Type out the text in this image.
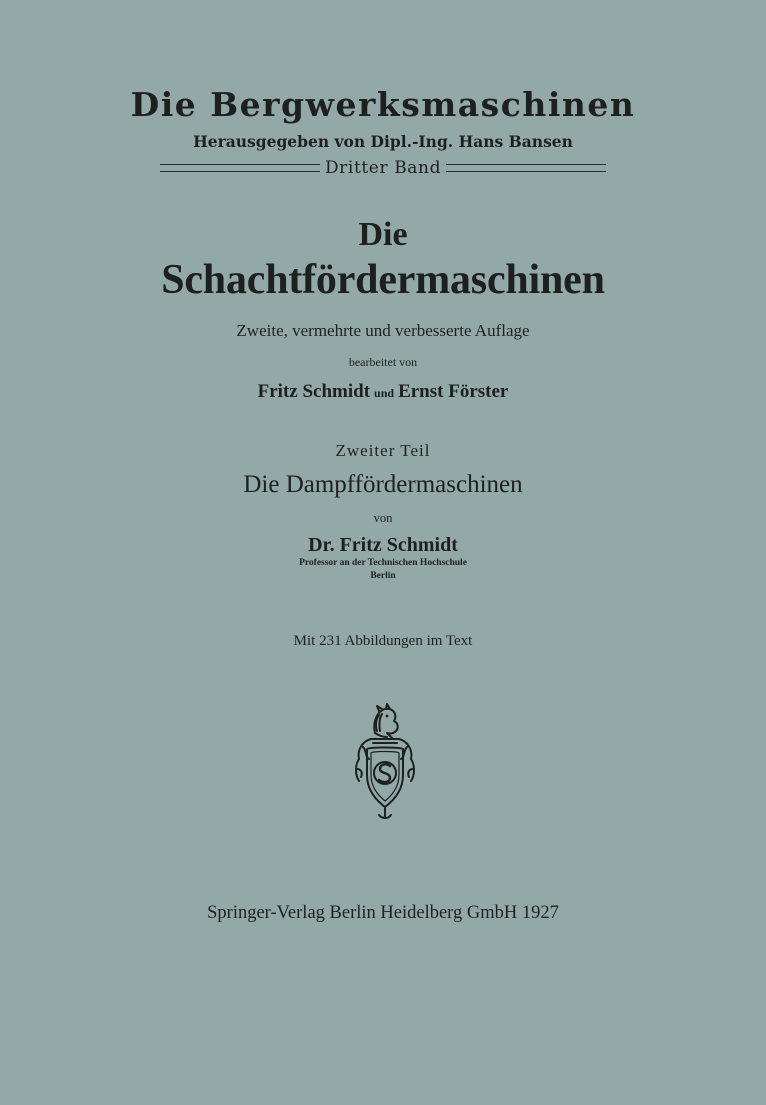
Die Bergwerksmaschinen
Herausgegeben von Dipl.-Ing. Hans Bansen
Dritter Band
Die
Schachtfördermaschinen
Zweite, vermehrte und verbesserte Auflage
bearbeitet von
Fritz Schmidt und Ernst Förster
Zweiter Teil
Die Dampffördermaschinen
von
Dr. Fritz Schmidt
Professor an der Technischen Hochschule
Berlin
Mit 231 Abbildungen im Text
Springer-Verlag Berlin Heidelberg GmbH 1927
